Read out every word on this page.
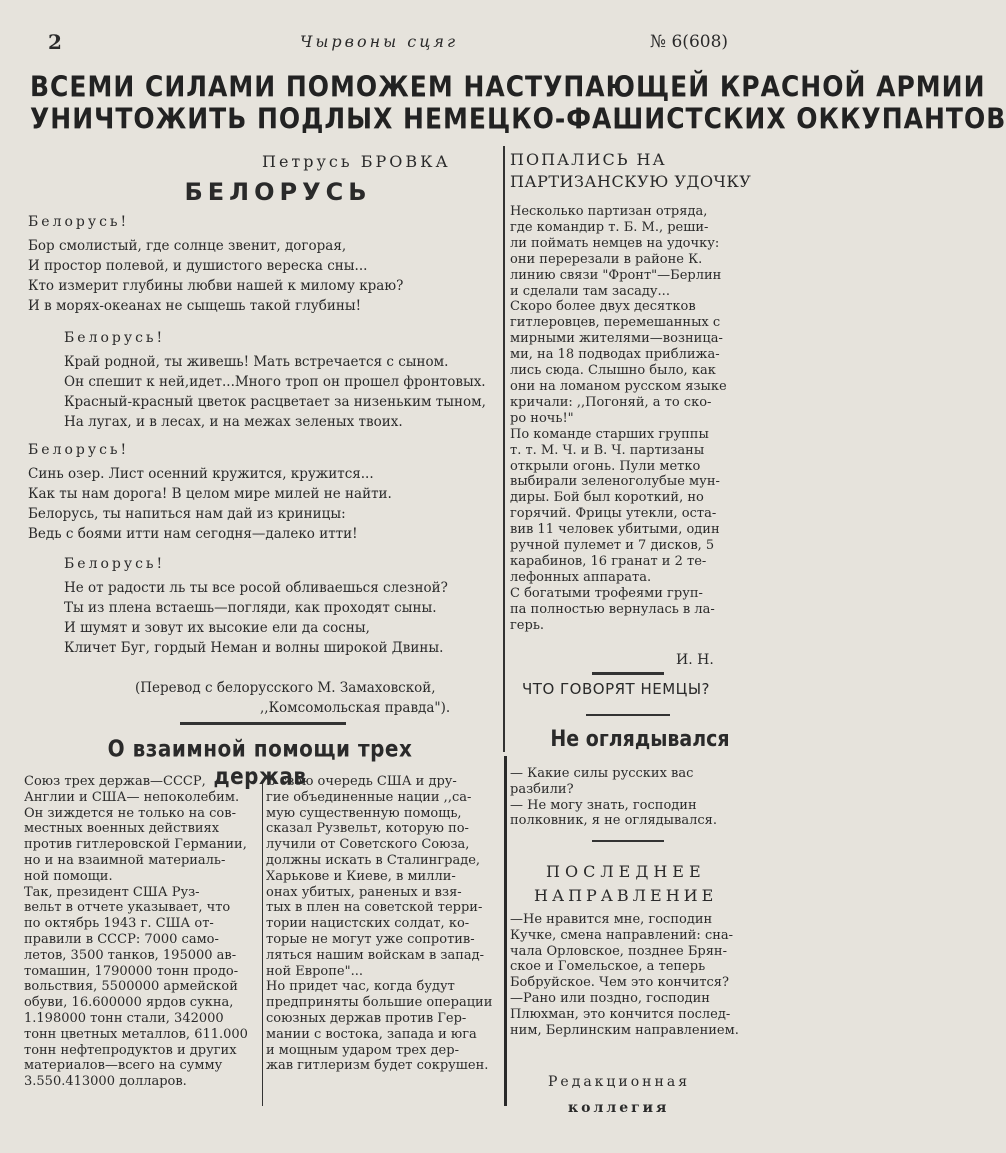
2	Чырвоны сцяг	№ 6(608)
ВСЕМИ СИЛАМИ ПОМОЖЕМ НАСТУПАЮЩЕЙ КРАСНОЙ АРМИИ
УНИЧТОЖИТЬ ПОДЛЫХ НЕМЕЦКО-ФАШИСТСКИХ ОККУПАНТОВ
Петрусь БРОВКА
БЕЛОРУСЬ
Белорусь!
Бор смолистый, где солнце звенит, догорая,
И простор полевой, и душистого вереска сны...
Кто измерит глубины любви нашей к милому краю?
И в морях-океанах не сыщешь такой глубины!
Белорусь!
Край родной, ты живешь! Мать встречается с сыном.
Он спешит к ней,идет...Много троп он прошел фронтовых.
Красный-красный цветок расцветает за низеньким тыном,
На лугах, и в лесах, и на межах зеленых твоих.
Белорусь!
Синь озер. Лист осенний кружится, кружится...
Как ты нам дорога! В целом мире милей не найти.
Белорусь, ты напиться нам дай из криницы:
Ведь с боями итти нам сегодня—далеко итти!
Белорусь!
Не от радости ль ты все росой обливаешься слезной?
Ты из плена встаешь—погляди, как проходят сыны.
И шумят и зовут их высокие ели да сосны,
Кличет Буг, гордый Неман и волны широкой Двины.
(Перевод с белорусского М. Замаховской,
,,Комсомольская правда").
О взаимной помощи трех держав
Союз трех держав—СССР,
Англии и США— непоколебим.
Он зиждется не только на сов-
местных военных действиях
против гитлеровской Германии,
но и на взаимной материаль-
ной помощи.
Так, президент США Руз-
вельт в отчете указывает, что
по октябрь 1943 г. США от-
правили в СССР: 7000 само-
летов, 3500 танков, 195000 ав-
томашин, 1790000 тонн продо-
вольствия, 5500000 армейской
обуви, 16.600000 ярдов сукна,
1.198000 тонн стали, 342000
тонн цветных металлов, 611.000
тонн нефтепродуктов и других
материалов—всего на сумму
3.550.413000 долларов.
В свою очередь США и дру-
гие объединенные нации ,,са-
мую существенную помощь,
сказал Рузвельт, которую по-
лучили от Советского Союза,
должны искать в Сталинграде,
Харькове и Киеве, в милли-
онах убитых, раненых и взя-
тых в плен на советской терри-
тории нацистских солдат, ко-
торые не могут уже сопротив-
ляться нашим войскам в запад-
ной Европе"...
Но придет час, когда будут
предприняты большие операции
союзных держав против Гер-
мании с востока, запада и юга
и мощным ударом трех дер-
жав гитлеризм будет сокрушен.
ПОПАЛИСЬ НА
ПАРТИЗАНСКУЮ УДОЧКУ
Несколько партизан отряда,
где командир т. Б. М., реши-
ли поймать немцев на удочку:
они перерезали в районе К.
линию связи "Фронт"—Берлин
и сделали там засаду...
Скоро более двух десятков
гитлеровцев, перемешанных с
мирными жителями—возница-
ми, на 18 подводах приближа-
лись сюда. Слышно было, как
они на ломаном русском языке
кричали: ,,Погоняй, а то ско-
ро ночь!"
По команде старших группы
т. т. М. Ч. и В. Ч. партизаны
открыли огонь. Пули метко
выбирали зеленоголубые мун-
диры. Бой был короткий, но
горячий. Фрицы утекли, оста-
вив 11 человек убитыми, один
ручной пулемет и 7 дисков, 5
карабинов, 16 гранат и 2 те-
лефонных аппарата.
С богатыми трофеями груп-
па полностью вернулась в ла-
герь.
И. Н.
ЧТО ГОВОРЯТ НЕМЦЫ?
Не оглядывался
— Какие силы русских вас
разбили?
— Не могу знать, господин
полковник, я не оглядывался.
ПОСЛЕДНЕЕ
НАПРАВЛЕНИЕ
—Не нравится мне, господин
Кучке, смена направлений: сна-
чала Орловское, позднее Брян-
ское и Гомельское, а теперь
Бобруйское. Чем это кончится?
—Рано или поздно, господин
Плюхман, это кончится послед-
ним, Берлинским направлением.
Редакционная
коллегия
